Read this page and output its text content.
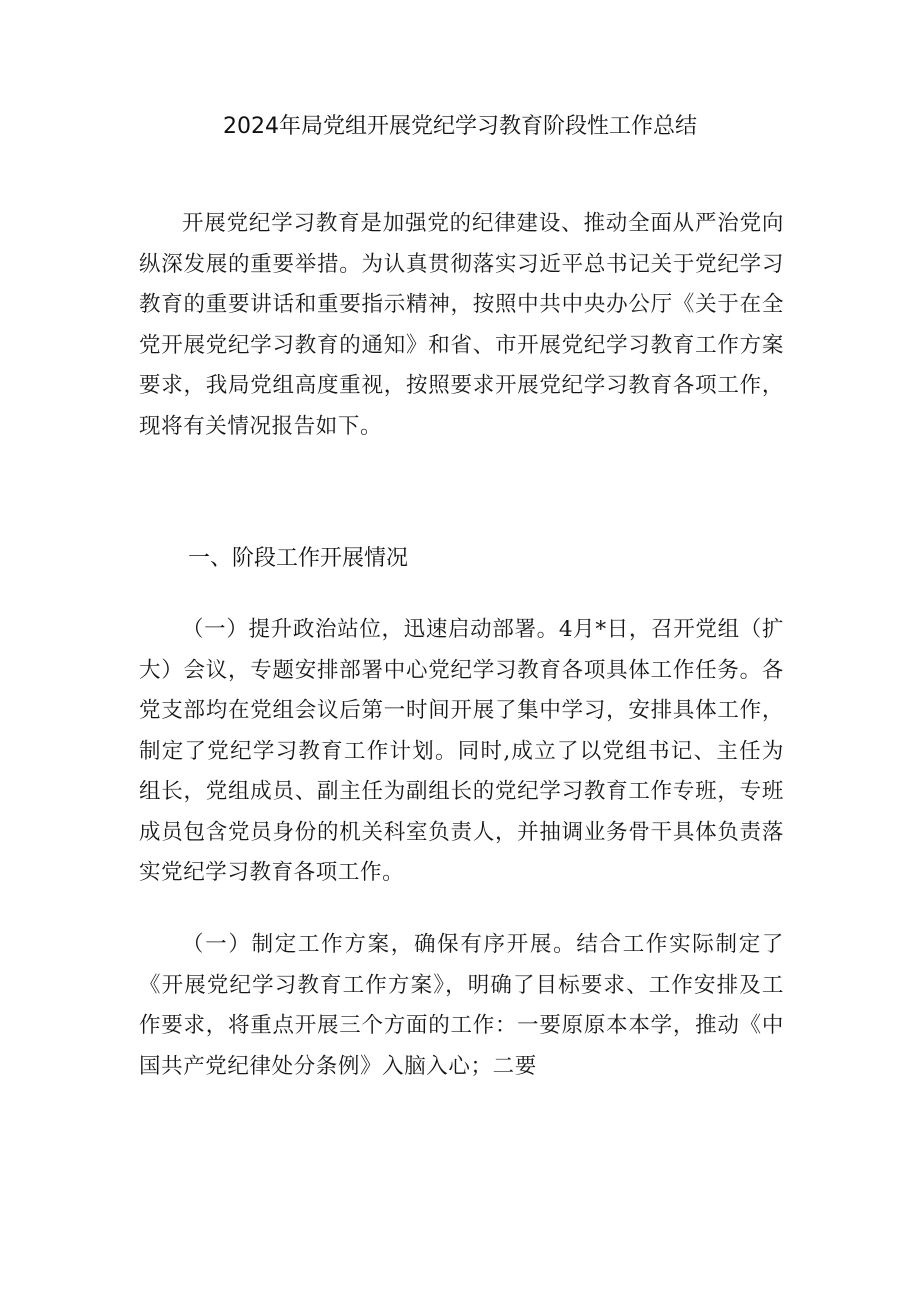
2024年局党组开展党纪学习教育阶段性工作总结

开展党纪学习教育是加强党的纪律建设、推动全面从严治党向纵深发展的重要举措。为认真贯彻落实习近平总书记关于党纪学习教育的重要讲话和重要指示精神，按照中共中央办公厅《关于在全党开展党纪学习教育的通知》和省、市开展党纪学习教育工作方案要求，我局党组高度重视，按照要求开展党纪学习教育各项工作，现将有关情况报告如下。

一、阶段工作开展情况

（一）提升政治站位，迅速启动部署。4月*日，召开党组（扩大）会议，专题安排部署中心党纪学习教育各项具体工作任务。各党支部均在党组会议后第一时间开展了集中学习，安排具体工作，制定了党纪学习教育工作计划。同时,成立了以党组书记、主任为组长，党组成员、副主任为副组长的党纪学习教育工作专班，专班成员包含党员身份的机关科室负责人，并抽调业务骨干具体负责落实党纪学习教育各项工作。

（一）制定工作方案，确保有序开展。结合工作实际制定了《开展党纪学习教育工作方案》，明确了目标要求、工作安排及工作要求，将重点开展三个方面的工作：一要原原本本学，推动《中国共产党纪律处分条例》入脑入心；二要
